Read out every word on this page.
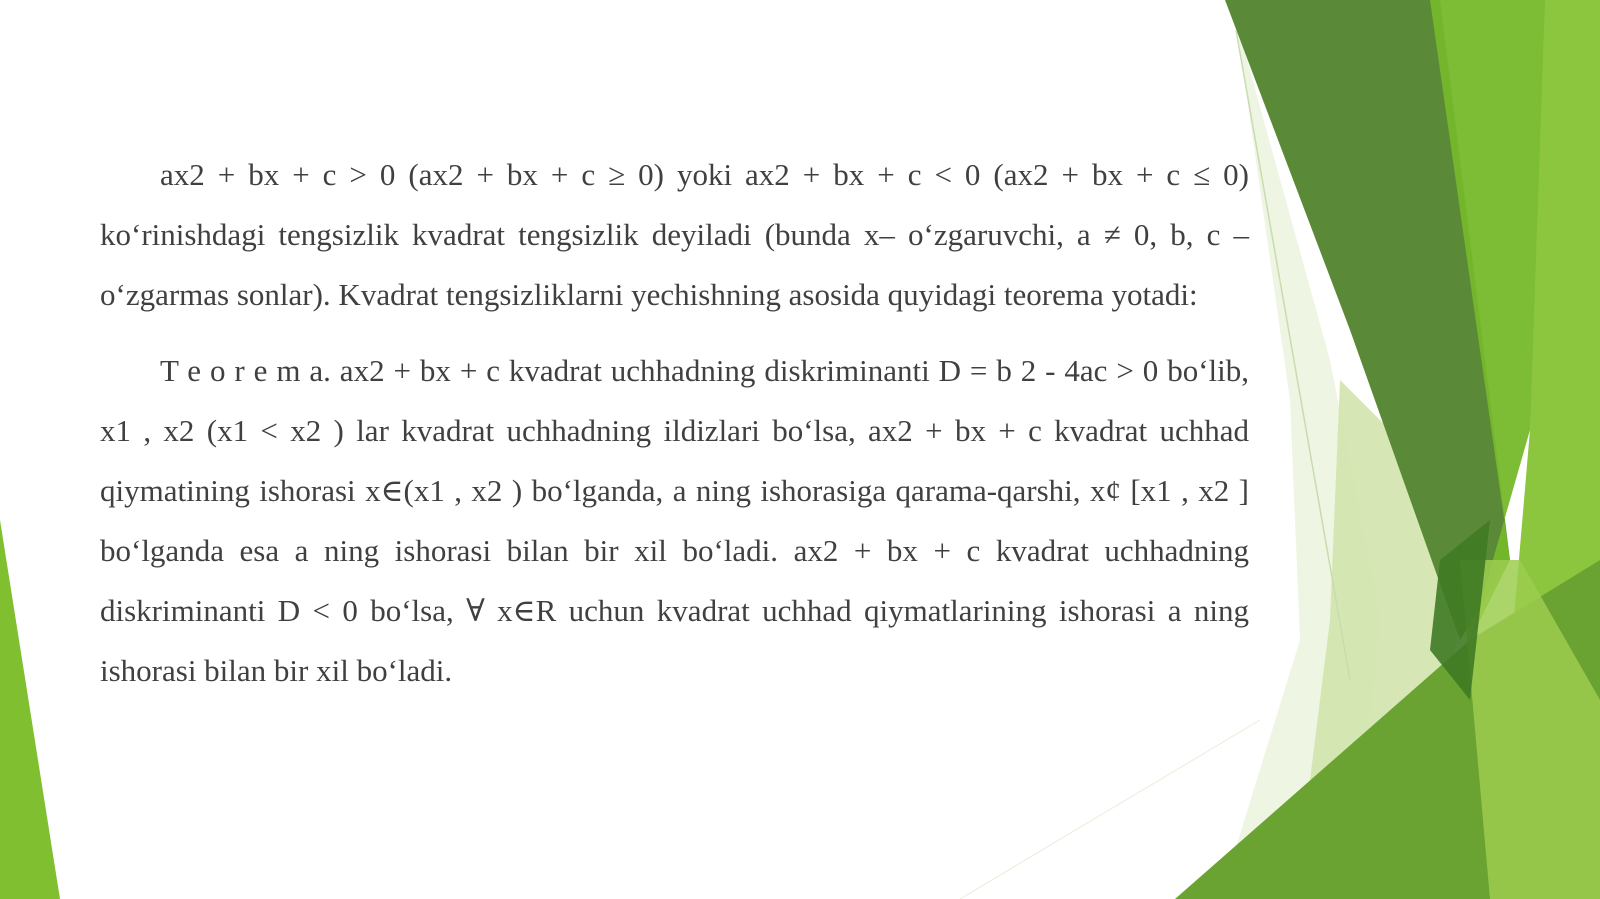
ax2 + bx + c > 0 (ax2 + bx + c ≥ 0) yoki ax2 + bx + c < 0 (ax2 + bx + c ≤ 0) ko‘rinishdagi tengsizlik kvadrat tengsizlik deyiladi (bunda x– o‘zgaruvchi, a ≠ 0, b, c – o‘zgarmas sonlar). Kvadrat tengsizliklarni yechishning asosida quyidagi teorema yotadi:

T e o r e m a. ax2 + bx + c kvadrat uchhadning diskriminanti D = b 2 - 4ac > 0 bo‘lib, x1 , x2 (x1 < x2 ) lar kvadrat uchhadning ildizlari bo‘lsa, ax2 + bx + c kvadrat uchhad qiymatining ishorasi x∈(x1 , x2 ) bo‘lganda, a ning ishorasiga qarama-qarshi, x¢ [x1 , x2 ] bo‘lganda esa a ning ishorasi bilan bir xil bo‘ladi. ax2 + bx + c kvadrat uchhadning diskriminanti D < 0 bo‘lsa, ∀ x∈R uchun kvadrat uchhad qiymatlarining ishorasi a ning ishorasi bilan bir xil bo‘ladi.
